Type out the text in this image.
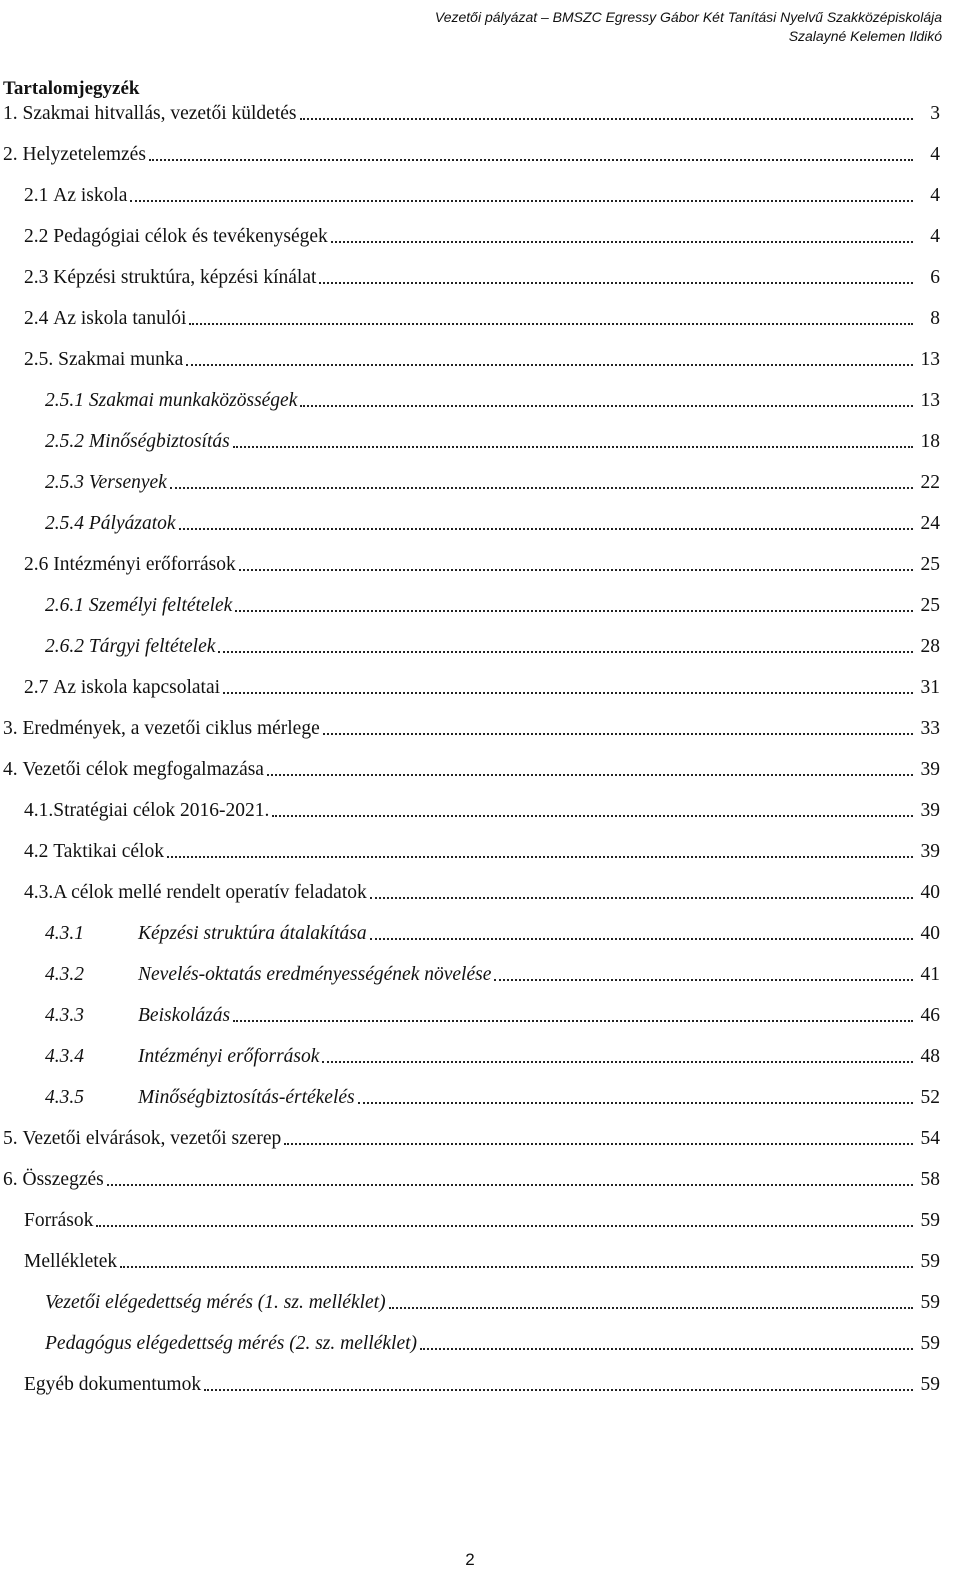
Vezetői pályázat – BMSZC Egressy Gábor Két Tanítási Nyelvű Szakközépiskolája
Szalayné Kelemen Ildikó
Tartalomjegyzék
1. Szakmai hitvallás, vezetői küldetés	3
2. Helyzetelemzés	4
2.1 Az iskola	4
2.2 Pedagógiai célok és tevékenységek	4
2.3 Képzési struktúra, képzési kínálat	6
2.4 Az iskola tanulói	8
2.5. Szakmai munka	13
2.5.1 Szakmai munkaközösségek	13
2.5.2 Minőségbiztosítás	18
2.5.3 Versenyek	22
2.5.4 Pályázatok	24
2.6 Intézményi erőforrások	25
2.6.1 Személyi feltételek	25
2.6.2 Tárgyi feltételek	28
2.7 Az iskola kapcsolatai	31
3. Eredmények, a vezetői ciklus mérlege	33
4. Vezetői célok megfogalmazása	39
4.1. Stratégiai célok 2016-2021.	39
4.2 Taktikai célok	39
4.3. A célok mellé rendelt operatív feladatok	40
4.3.1	Képzési struktúra átalakítása	40
4.3.2	Nevelés-oktatás eredményességének növelése	41
4.3.3	Beiskolázás	46
4.3.4	Intézményi erőforrások	48
4.3.5	Minőségbiztosítás-értékelés	52
5. Vezetői elvárások, vezetői szerep	54
6. Összegzés	58
Források	59
Mellékletek	59
Vezetői elégedettség mérés (1. sz. melléklet)	59
Pedagógus elégedettség mérés (2. sz. melléklet)	59
Egyéb dokumentumok	59
2
